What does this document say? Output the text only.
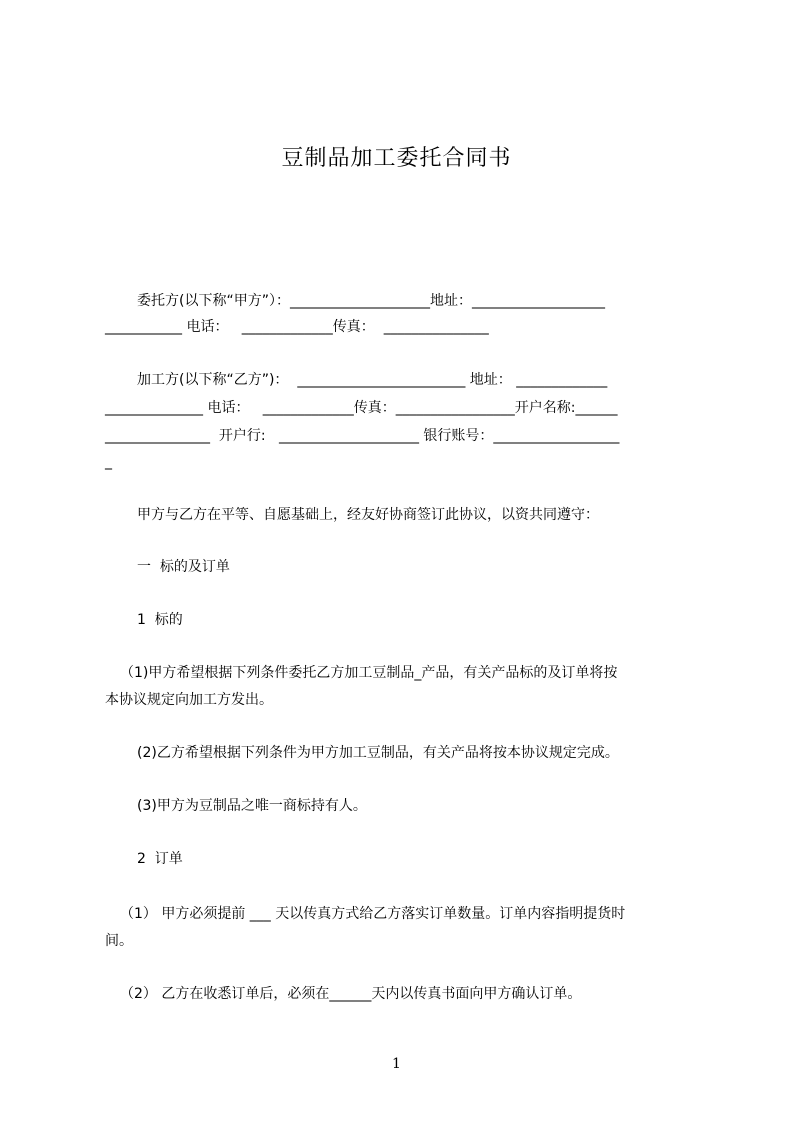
豆制品加工委托合同书
委托方(以下称“甲方”）：____________________地址：___________________
___________ 电话：   _____________传真：  _______________
加工方(以下称“乙方”)：  ________________________ 地址： _____________
______________ 电话：   _____________传真：_________________开户名称:______
_______________  开户行:   ____________________ 银行账号：__________________
_
甲方与乙方在平等、自愿基础上，经友好协商签订此协议，以资共同遵守：
一  标的及订单
1  标的
（1)甲方希望根据下列条件委托乙方加工豆制品_产品，有关产品标的及订单将按
本协议规定向加工方发出。
(2)乙方希望根据下列条件为甲方加工豆制品，有关产品将按本协议规定完成。
(3)甲方为豆制品之唯一商标持有人。
2  订单
（1） 甲方必须提前 ___ 天以传真方式给乙方落实订单数量。订单内容指明提货时
间。
（2） 乙方在收悉订单后，必须在______天内以传真书面向甲方确认订单。
1
